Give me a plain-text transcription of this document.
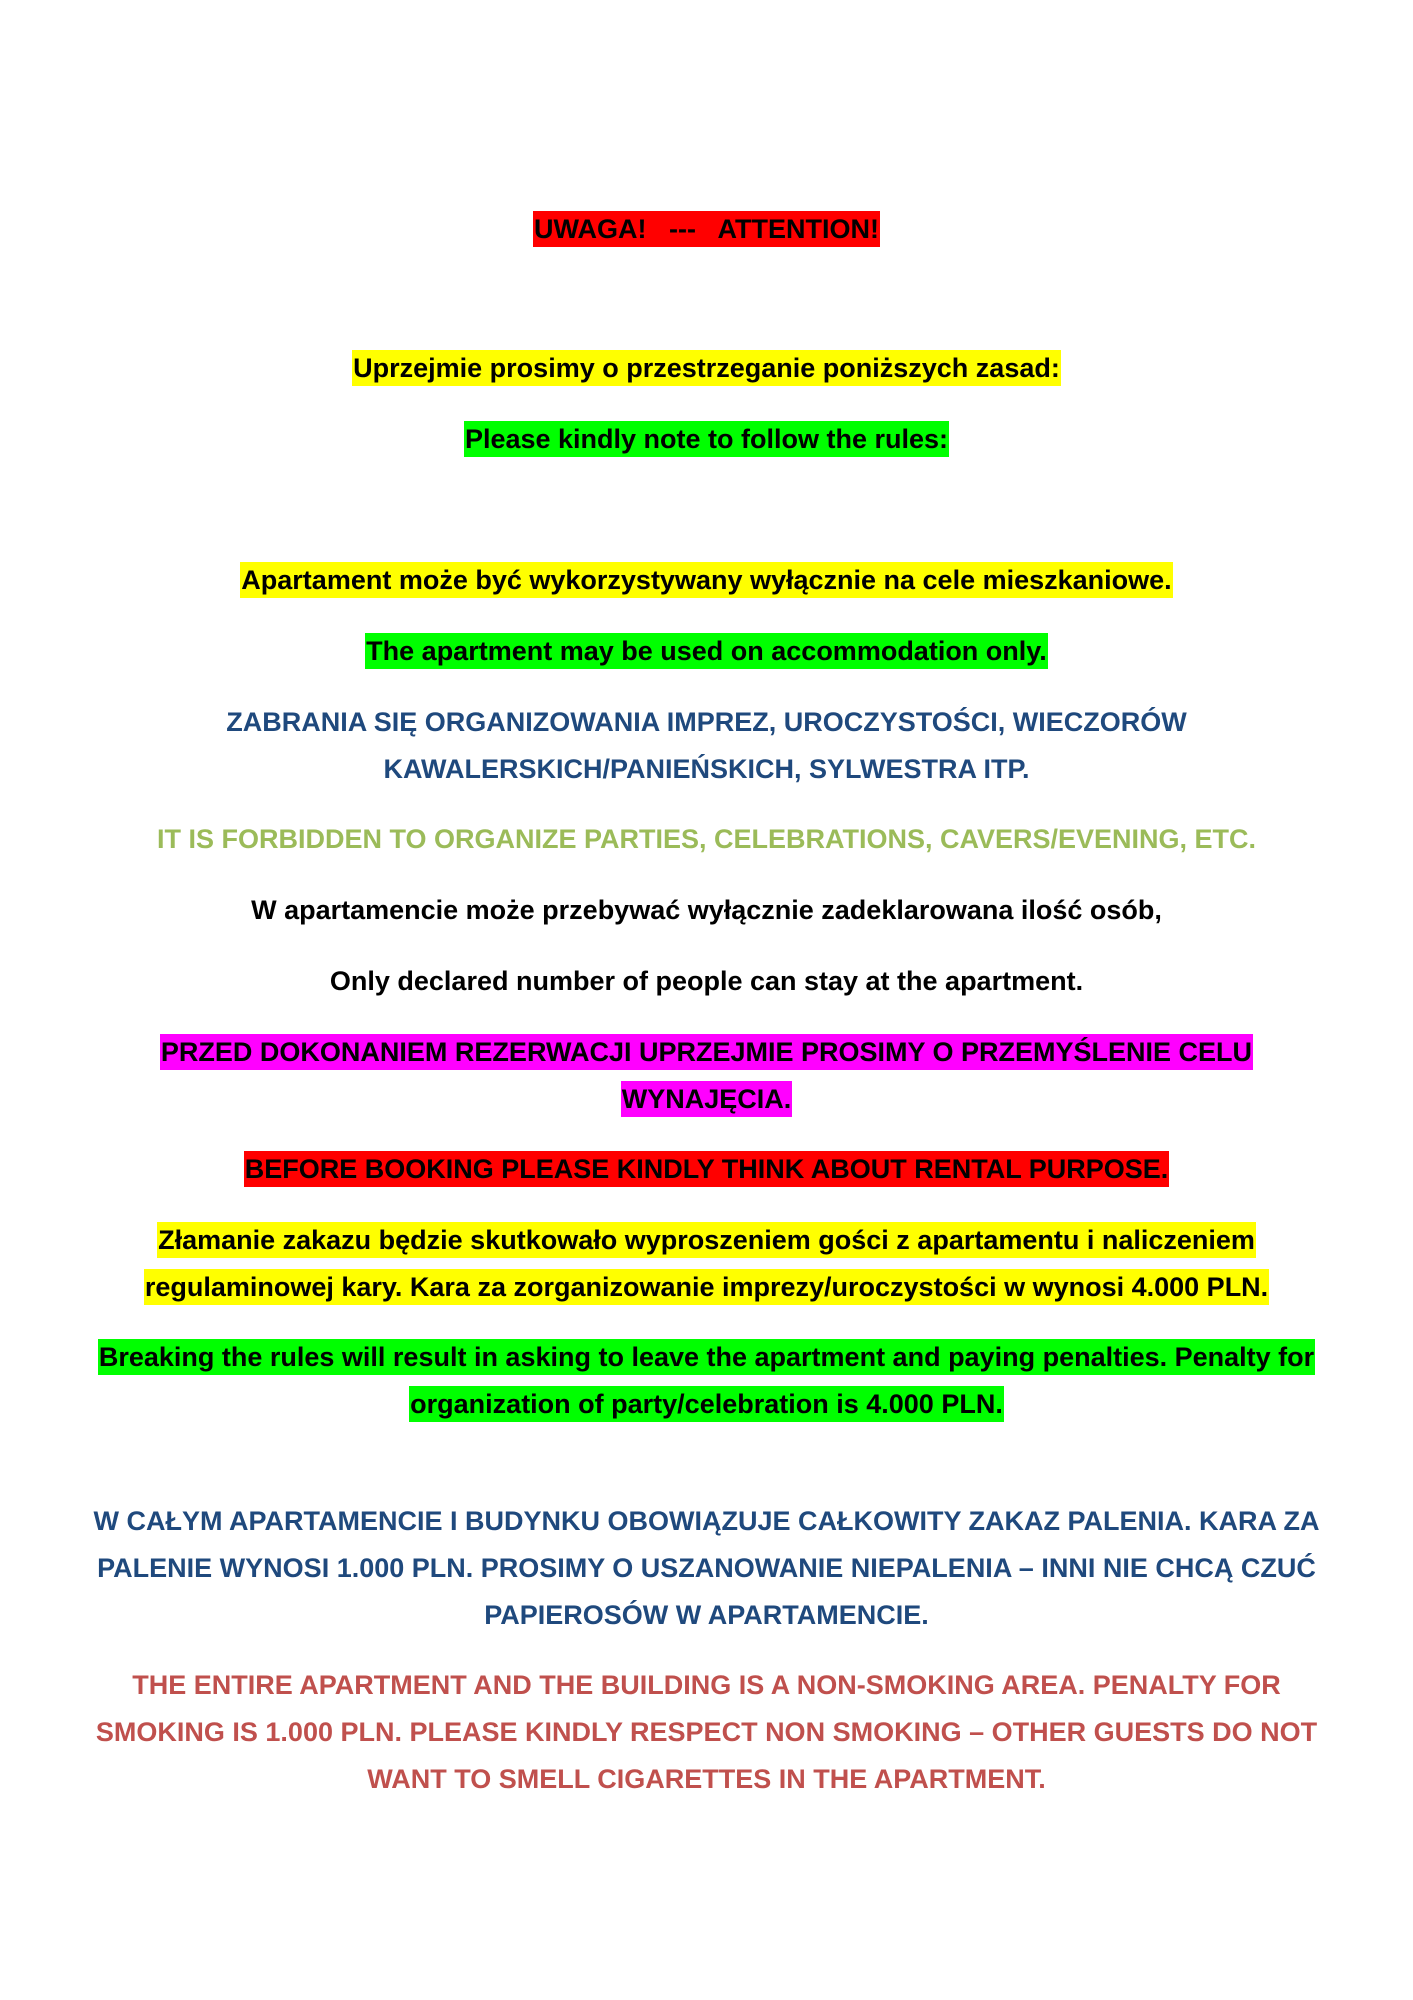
UWAGA!   ---   ATTENTION!

Uprzejmie prosimy o przestrzeganie poniższych zasad:

Please kindly note to follow the rules:

Apartament może być wykorzystywany wyłącznie na cele mieszkaniowe.

The apartment may be used on accommodation only.

ZABRANIA SIĘ ORGANIZOWANIA IMPREZ, UROCZYSTOŚCI, WIECZORÓW KAWALERSKICH/PANIEŃSKICH, SYLWESTRA ITP.

IT IS FORBIDDEN TO ORGANIZE PARTIES, CELEBRATIONS, CAVERS/EVENING, ETC.

W apartamencie może przebywać wyłącznie zadeklarowana ilość osób,

Only declared number of people can stay at the apartment.

PRZED DOKONANIEM REZERWACJI UPRZEJMIE PROSIMY O PRZEMYŚLENIE CELU WYNAJĘCIA.

BEFORE BOOKING PLEASE KINDLY THINK ABOUT RENTAL PURPOSE.

Złamanie zakazu będzie skutkowało wyproszeniem gości z apartamentu i naliczeniem regulaminowej kary. Kara za zorganizowanie imprezy/uroczystości w wynosi 4.000 PLN.

Breaking the rules will result in asking to leave the apartment and paying penalties. Penalty for organization of party/celebration is 4.000 PLN.

W CAŁYM APARTAMENCIE I BUDYNKU OBOWIĄZUJE CAŁKOWITY ZAKAZ PALENIA. KARA ZA PALENIE WYNOSI 1.000 PLN. PROSIMY O USZANOWANIE NIEPALENIA – INNI NIE CHCĄ CZUĆ PAPIEROSÓW W APARTAMENCIE.

THE ENTIRE APARTMENT AND THE BUILDING IS A NON-SMOKING AREA. PENALTY FOR SMOKING IS 1.000 PLN. PLEASE KINDLY RESPECT NON SMOKING – OTHER GUESTS DO NOT WANT TO SMELL CIGARETTES IN THE APARTMENT.
